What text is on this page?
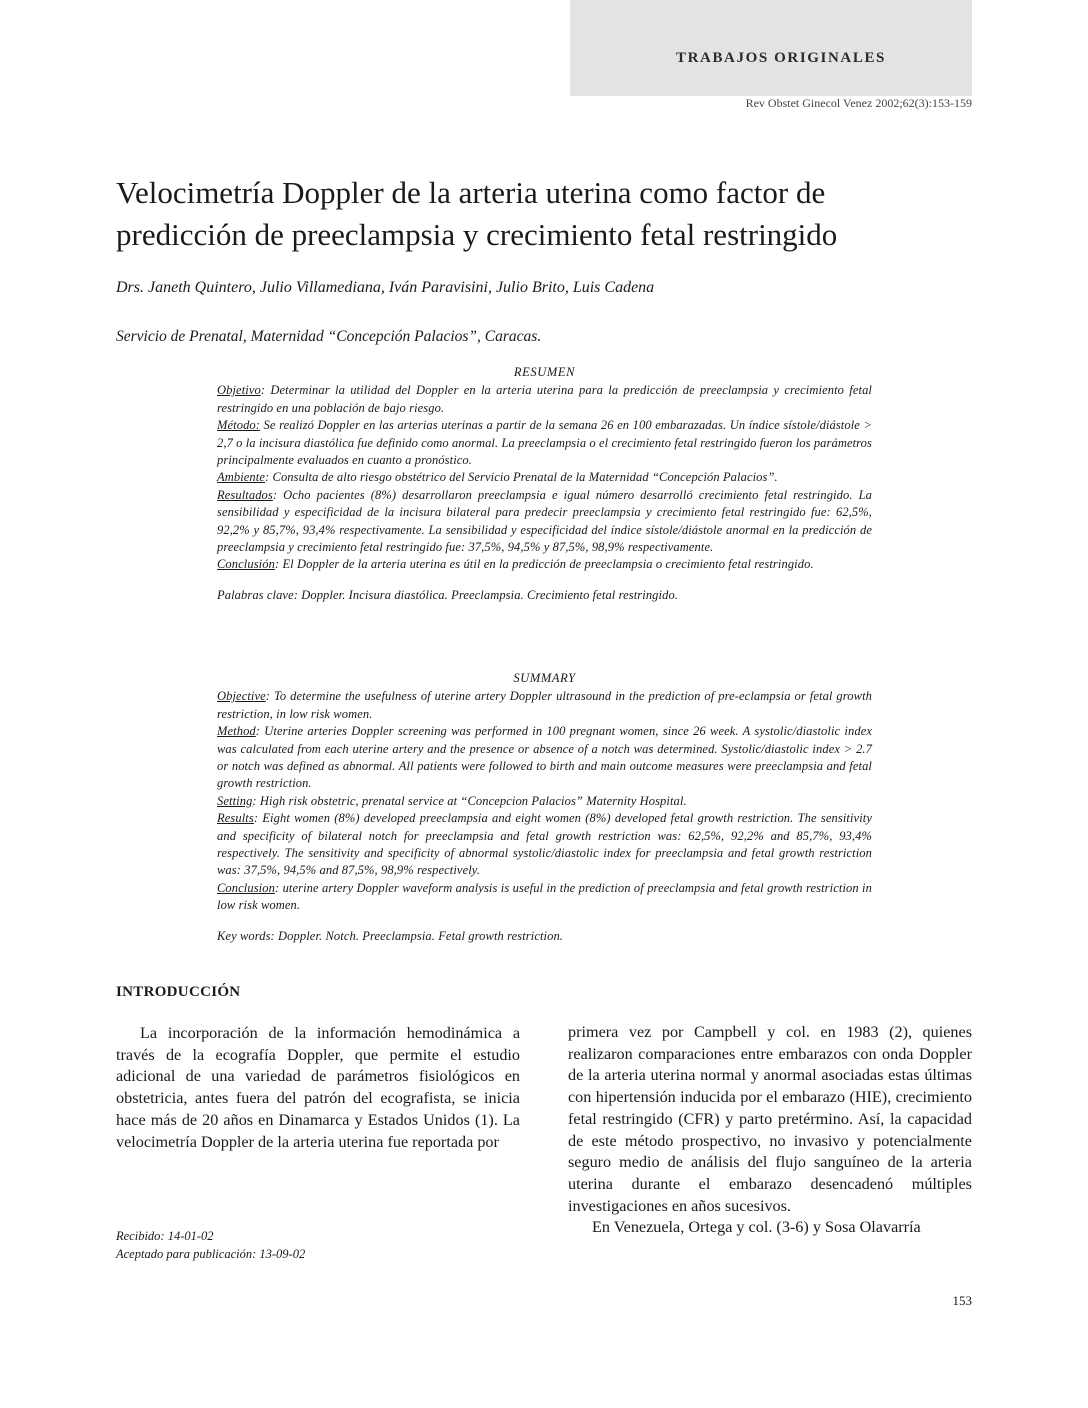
TRABAJOS ORIGINALES
Rev Obstet Ginecol Venez 2002;62(3):153-159
Velocimetría Doppler de la arteria uterina como factor de
predicción de preeclampsia y crecimiento fetal restringido
Drs. Janeth Quintero, Julio Villamediana, Iván Paravisini, Julio Brito, Luis Cadena
Servicio de Prenatal, Maternidad “Concepción Palacios”, Caracas.

RESUMEN

Objetivo: Determinar la utilidad del Doppler en la arteria uterina para la predicción de preeclampsia y crecimiento fetal restringido en una población de bajo riesgo.

Método: Se realizó Doppler en las arterias uterinas a partir de la semana 26 en 100 embarazadas. Un índice sístole/diástole > 2,7 o la incisura diastólica fue definido como anormal. La preeclampsia o el crecimiento fetal restringido fueron los parámetros principalmente evaluados en cuanto a pronóstico.

Ambiente: Consulta de alto riesgo obstétrico del Servicio Prenatal de la Maternidad “Concepción Palacios”.

Resultados: Ocho pacientes (8%) desarrollaron preeclampsia e igual número desarrolló crecimiento fetal restringido. La sensibilidad y especificidad de la incisura bilateral para predecir preeclampsia y crecimiento fetal restringido fue: 62,5%, 92,2% y 85,7%, 93,4% respectivamente. La sensibilidad y especificidad del índice sístole/diástole anormal en la predicción de preeclampsia y crecimiento fetal restringido fue: 37,5%, 94,5% y 87,5%, 98,9% respectivamente.

Conclusión: El Doppler de la arteria uterina es útil en la predicción de preeclampsia o crecimiento fetal restringido.

Palabras clave: Doppler. Incisura diastólica. Preeclampsia. Crecimiento fetal restringido.

SUMMARY

Objective: To determine the usefulness of uterine artery Doppler ultrasound in the prediction of pre-eclampsia or fetal growth restriction, in low risk women.

Method: Uterine arteries Doppler screening was performed in 100 pregnant women, since 26 week. A systolic/diastolic index was calculated from each uterine artery and the presence or absence of a notch was determined. Systolic/diastolic index > 2.7 or notch was defined as abnormal. All patients were followed to birth and main outcome measures were preeclampsia and fetal growth restriction.

Setting: High risk obstetric, prenatal service at “Concepcion Palacios” Maternity Hospital.

Results: Eight women (8%) developed preeclampsia and eight women (8%) developed fetal growth restriction. The sensitivity and specificity of bilateral notch for preeclampsia and fetal growth restriction was: 62,5%, 92,2% and 85,7%, 93,4% respectively. The sensitivity and specificity of abnormal systolic/diastolic index for preeclampsia and fetal growth restriction was: 37,5%, 94,5% and 87,5%, 98,9% respectively.

Conclusion: uterine artery Doppler waveform analysis is useful in the prediction of preeclampsia and fetal growth restriction in low risk women.

Key words: Doppler. Notch. Preeclampsia. Fetal growth restriction.

INTRODUCCIÓN

La incorporación de la información hemodinámica a través de la ecografía Doppler, que permite el estudio adicional de una variedad de parámetros fisiológicos en obstetricia, antes fuera del patrón del ecografista, se inicia hace más de 20 años en Dinamarca y Estados Unidos (1). La velocimetría Doppler de la arteria uterina fue reportada por

primera vez por Campbell y col. en 1983 (2), quienes realizaron comparaciones entre embarazos con onda Doppler de la arteria uterina normal y anormal asociadas estas últimas con hipertensión inducida por el embarazo (HIE), crecimiento fetal restringido (CFR) y parto pretérmino. Así, la capacidad de este método prospectivo, no invasivo y potencialmente seguro medio de análisis del flujo sanguíneo de la arteria uterina durante el embarazo desencadenó múltiples investigaciones en años sucesivos.

En Venezuela, Ortega y col. (3-6) y Sosa Olavarría

Recibido: 14-01-02
Aceptado para publicación: 13-09-02
153
